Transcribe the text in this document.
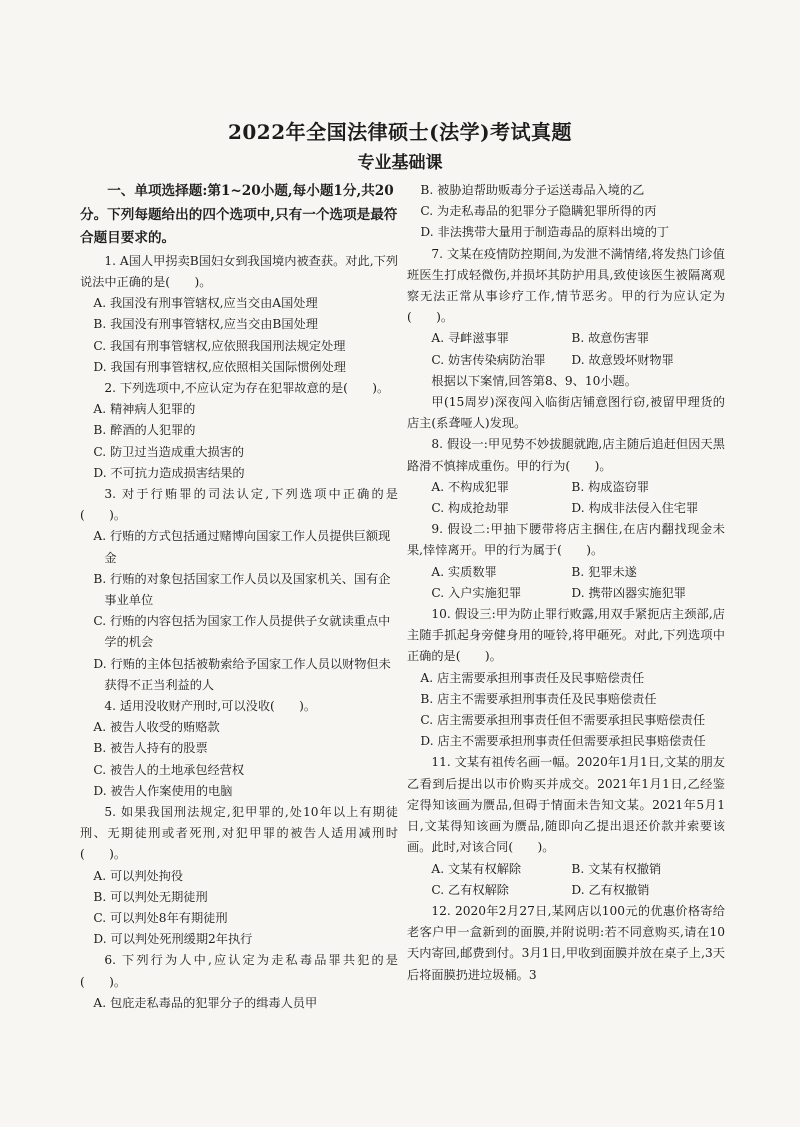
2022年全国法律硕士(法学)考试真题
专业基础课

一、单项选择题:第1~20小题,每小题1分,共20分。下列每题给出的四个选项中,只有一个选项是最符合题目要求的。

1. A国人甲拐卖B国妇女到我国境内被查获。对此,下列说法中正确的是(　　)。

A. 我国没有刑事管辖权,应当交由A国处理

B. 我国没有刑事管辖权,应当交由B国处理

C. 我国有刑事管辖权,应依照我国刑法规定处理

D. 我国有刑事管辖权,应依照相关国际惯例处理

2. 下列选项中,不应认定为存在犯罪故意的是(　　)。

A. 精神病人犯罪的

B. 醉酒的人犯罪的

C. 防卫过当造成重大损害的

D. 不可抗力造成损害结果的

3. 对于行贿罪的司法认定,下列选项中正确的是(　　)。

A. 行贿的方式包括通过赌博向国家工作人员提供巨额现金

B. 行贿的对象包括国家工作人员以及国家机关、国有企事业单位

C. 行贿的内容包括为国家工作人员提供子女就读重点中学的机会

D. 行贿的主体包括被勒索给予国家工作人员以财物但未获得不正当利益的人

4. 适用没收财产刑时,可以没收(　　)。

A. 被告人收受的贿赂款

B. 被告人持有的股票

C. 被告人的土地承包经营权

D. 被告人作案使用的电脑

5. 如果我国刑法规定,犯甲罪的,处10年以上有期徒刑、无期徒刑或者死刑,对犯甲罪的被告人适用减刑时(　　)。

A. 可以判处拘役

B. 可以判处无期徒刑

C. 可以判处8年有期徒刑

D. 可以判处死刑缓期2年执行

6. 下列行为人中,应认定为走私毒品罪共犯的是(　　)。

A. 包庇走私毒品的犯罪分子的缉毒人员甲

B. 被胁迫帮助贩毒分子运送毒品入境的乙

C. 为走私毒品的犯罪分子隐瞒犯罪所得的丙

D. 非法携带大量用于制造毒品的原料出境的丁

7. 文某在疫情防控期间,为发泄不满情绪,将发热门诊值班医生打成轻微伤,并损坏其防护用具,致使该医生被隔离观察无法正常从事诊疗工作,情节恶劣。甲的行为应认定为(　　)。

A. 寻衅滋事罪	B. 故意伤害罪
C. 妨害传染病防治罪	D. 故意毁坏财物罪

根据以下案情,回答第8、9、10小题。

甲(15周岁)深夜闯入临街店铺意图行窃,被留甲理货的店主(系聋哑人)发现。

8. 假设一:甲见势不妙拔腿就跑,店主随后追赶但因天黑路滑不慎摔成重伤。甲的行为(　　)。

A. 不构成犯罪	B. 构成盗窃罪
C. 构成抢劫罪	D. 构成非法侵入住宅罪

9. 假设二:甲抽下腰带将店主捆住,在店内翻找现金未果,悻悻离开。甲的行为属于(　　)。

A. 实质数罪	B. 犯罪未遂
C. 入户实施犯罪	D. 携带凶器实施犯罪

10. 假设三:甲为防止罪行败露,用双手紧扼店主颈部,店主随手抓起身旁健身用的哑铃,将甲砸死。对此,下列选项中正确的是(　　)。

A. 店主需要承担刑事责任及民事赔偿责任

B. 店主不需要承担刑事责任及民事赔偿责任

C. 店主需要承担刑事责任但不需要承担民事赔偿责任

D. 店主不需要承担刑事责任但需要承担民事赔偿责任

11. 文某有祖传名画一幅。2020年1月1日,文某的朋友乙看到后提出以市价购买并成交。2021年1月1日,乙经鉴定得知该画为赝品,但碍于情面未告知文某。2021年5月1日,文某得知该画为赝品,随即向乙提出退还价款并索要该画。此时,对该合同(　　)。

A. 文某有权解除	B. 文某有权撤销
C. 乙有权解除	D. 乙有权撤销

12. 2020年2月27日,某网店以100元的优惠价格寄给老客户甲一盒新到的面膜,并附说明:若不同意购买,请在10天内寄回,邮费到付。3月1日,甲收到面膜并放在桌子上,3天后将面膜扔进垃圾桶。3
